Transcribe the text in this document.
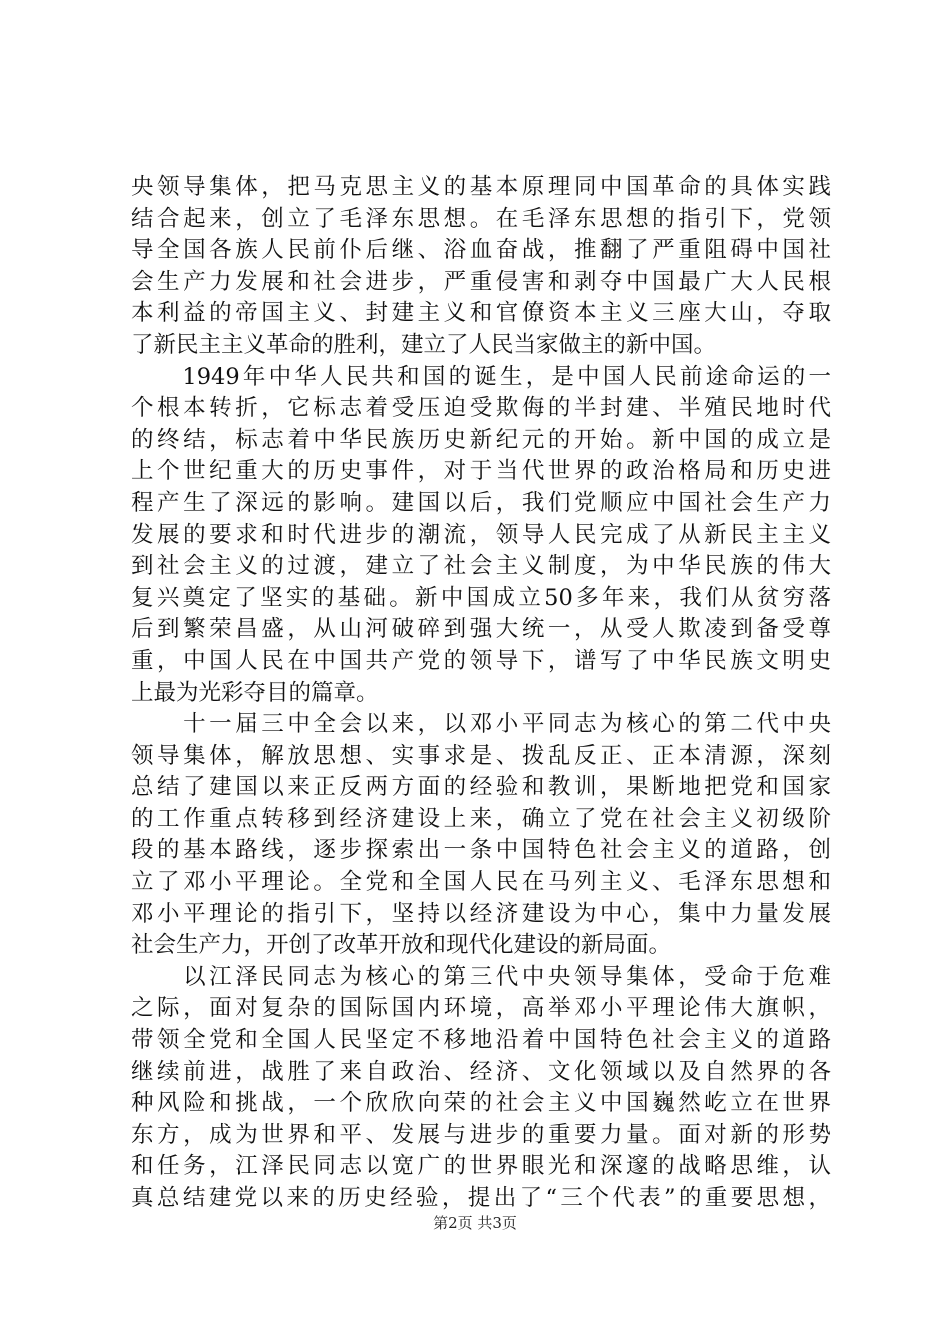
央领导集体，把马克思主义的基本原理同中国革命的具体实践
结合起来，创立了毛泽东思想。在毛泽东思想的指引下，党领
导全国各族人民前仆后继、浴血奋战，推翻了严重阻碍中国社
会生产力发展和社会进步，严重侵害和剥夺中国最广大人民根
本利益的帝国主义、封建主义和官僚资本主义三座大山，夺取
了新民主主义革命的胜利，建立了人民当家做主的新中国。
　　1949年中华人民共和国的诞生，是中国人民前途命运的一
个根本转折，它标志着受压迫受欺侮的半封建、半殖民地时代
的终结，标志着中华民族历史新纪元的开始。新中国的成立是
上个世纪重大的历史事件，对于当代世界的政治格局和历史进
程产生了深远的影响。建国以后，我们党顺应中国社会生产力
发展的要求和时代进步的潮流，领导人民完成了从新民主主义
到社会主义的过渡，建立了社会主义制度，为中华民族的伟大
复兴奠定了坚实的基础。新中国成立50多年来，我们从贫穷落
后到繁荣昌盛，从山河破碎到强大统一，从受人欺凌到备受尊
重，中国人民在中国共产党的领导下，谱写了中华民族文明史
上最为光彩夺目的篇章。
　　十一届三中全会以来，以邓小平同志为核心的第二代中央
领导集体，解放思想、实事求是、拨乱反正、正本清源，深刻
总结了建国以来正反两方面的经验和教训，果断地把党和国家
的工作重点转移到经济建设上来，确立了党在社会主义初级阶
段的基本路线，逐步探索出一条中国特色社会主义的道路，创
立了邓小平理论。全党和全国人民在马列主义、毛泽东思想和
邓小平理论的指引下，坚持以经济建设为中心，集中力量发展
社会生产力，开创了改革开放和现代化建设的新局面。
　　以江泽民同志为核心的第三代中央领导集体，受命于危难
之际，面对复杂的国际国内环境，高举邓小平理论伟大旗帜，
带领全党和全国人民坚定不移地沿着中国特色社会主义的道路
继续前进，战胜了来自政治、经济、文化领域以及自然界的各
种风险和挑战，一个欣欣向荣的社会主义中国巍然屹立在世界
东方，成为世界和平、发展与进步的重要力量。面对新的形势
和任务，江泽民同志以宽广的世界眼光和深邃的战略思维，认
真总结建党以来的历史经验，提出了“三个代表”的重要思想，
第2页 共3页
